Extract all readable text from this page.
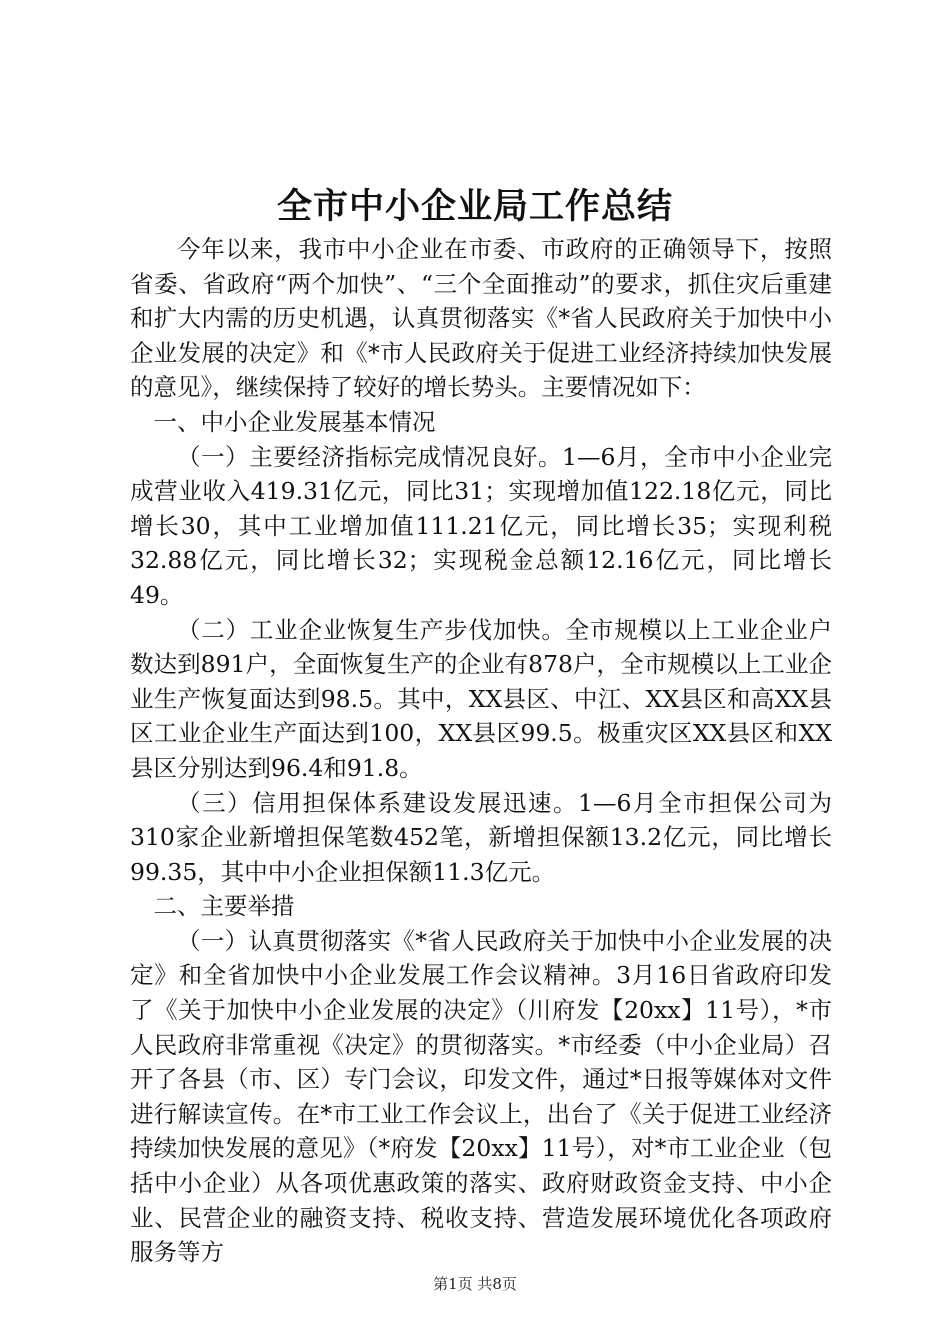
全市中小企业局工作总结

今年以来，我市中小企业在市委、市政府的正确领导下，按照省委、省政府“两个加快”、“三个全面推动”的要求，抓住灾后重建和扩大内需的历史机遇，认真贯彻落实《*省人民政府关于加快中小企业发展的决定》和《*市人民政府关于促进工业经济持续加快发展的意见》，继续保持了较好的增长势头。主要情况如下：

一、中小企业发展基本情况

（一）主要经济指标完成情况良好。1—6月，全市中小企业完成营业收入419.31亿元，同比31；实现增加值122.18亿元，同比增长30，其中工业增加值111.21亿元，同比增长35；实现利税32.88亿元，同比增长32；实现税金总额12.16亿元，同比增长49。

（二）工业企业恢复生产步伐加快。全市规模以上工业企业户数达到891户，全面恢复生产的企业有878户，全市规模以上工业企业生产恢复面达到98.5。其中，XX县区、中江、XX县区和高XX县区工业企业生产面达到100，XX县区99.5。极重灾区XX县区和XX县区分别达到96.4和91.8。

（三）信用担保体系建设发展迅速。1—6月全市担保公司为310家企业新增担保笔数452笔，新增担保额13.2亿元，同比增长99.35，其中中小企业担保额11.3亿元。

二、主要举措

（一）认真贯彻落实《*省人民政府关于加快中小企业发展的决定》和全省加快中小企业发展工作会议精神。3月16日省政府印发了《关于加快中小企业发展的决定》（川府发【20xx】11号），*市人民政府非常重视《决定》的贯彻落实。*市经委（中小企业局）召开了各县（市、区）专门会议，印发文件，通过*日报等媒体对文件进行解读宣传。在*市工业工作会议上，出台了《关于促进工业经济持续加快发展的意见》（*府发【20xx】11号），对*市工业企业（包括中小企业）从各项优惠政策的落实、政府财政资金支持、中小企业、民营企业的融资支持、税收支持、营造发展环境优化各项政府服务等方

第1页 共8页
